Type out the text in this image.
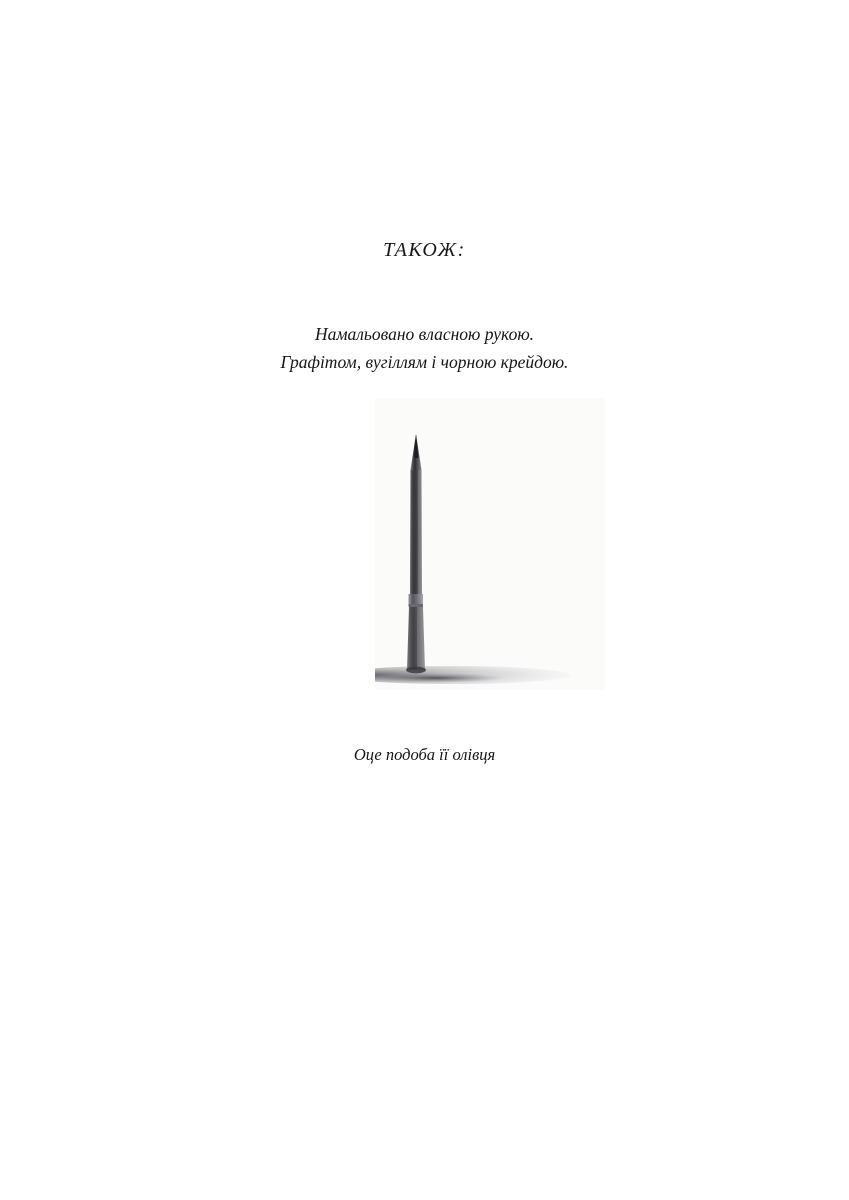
ТАКОЖ:
Намальовано власною рукою.
Графітом, вугіллям і чорною крейдою.
Оце подоба її олівця
